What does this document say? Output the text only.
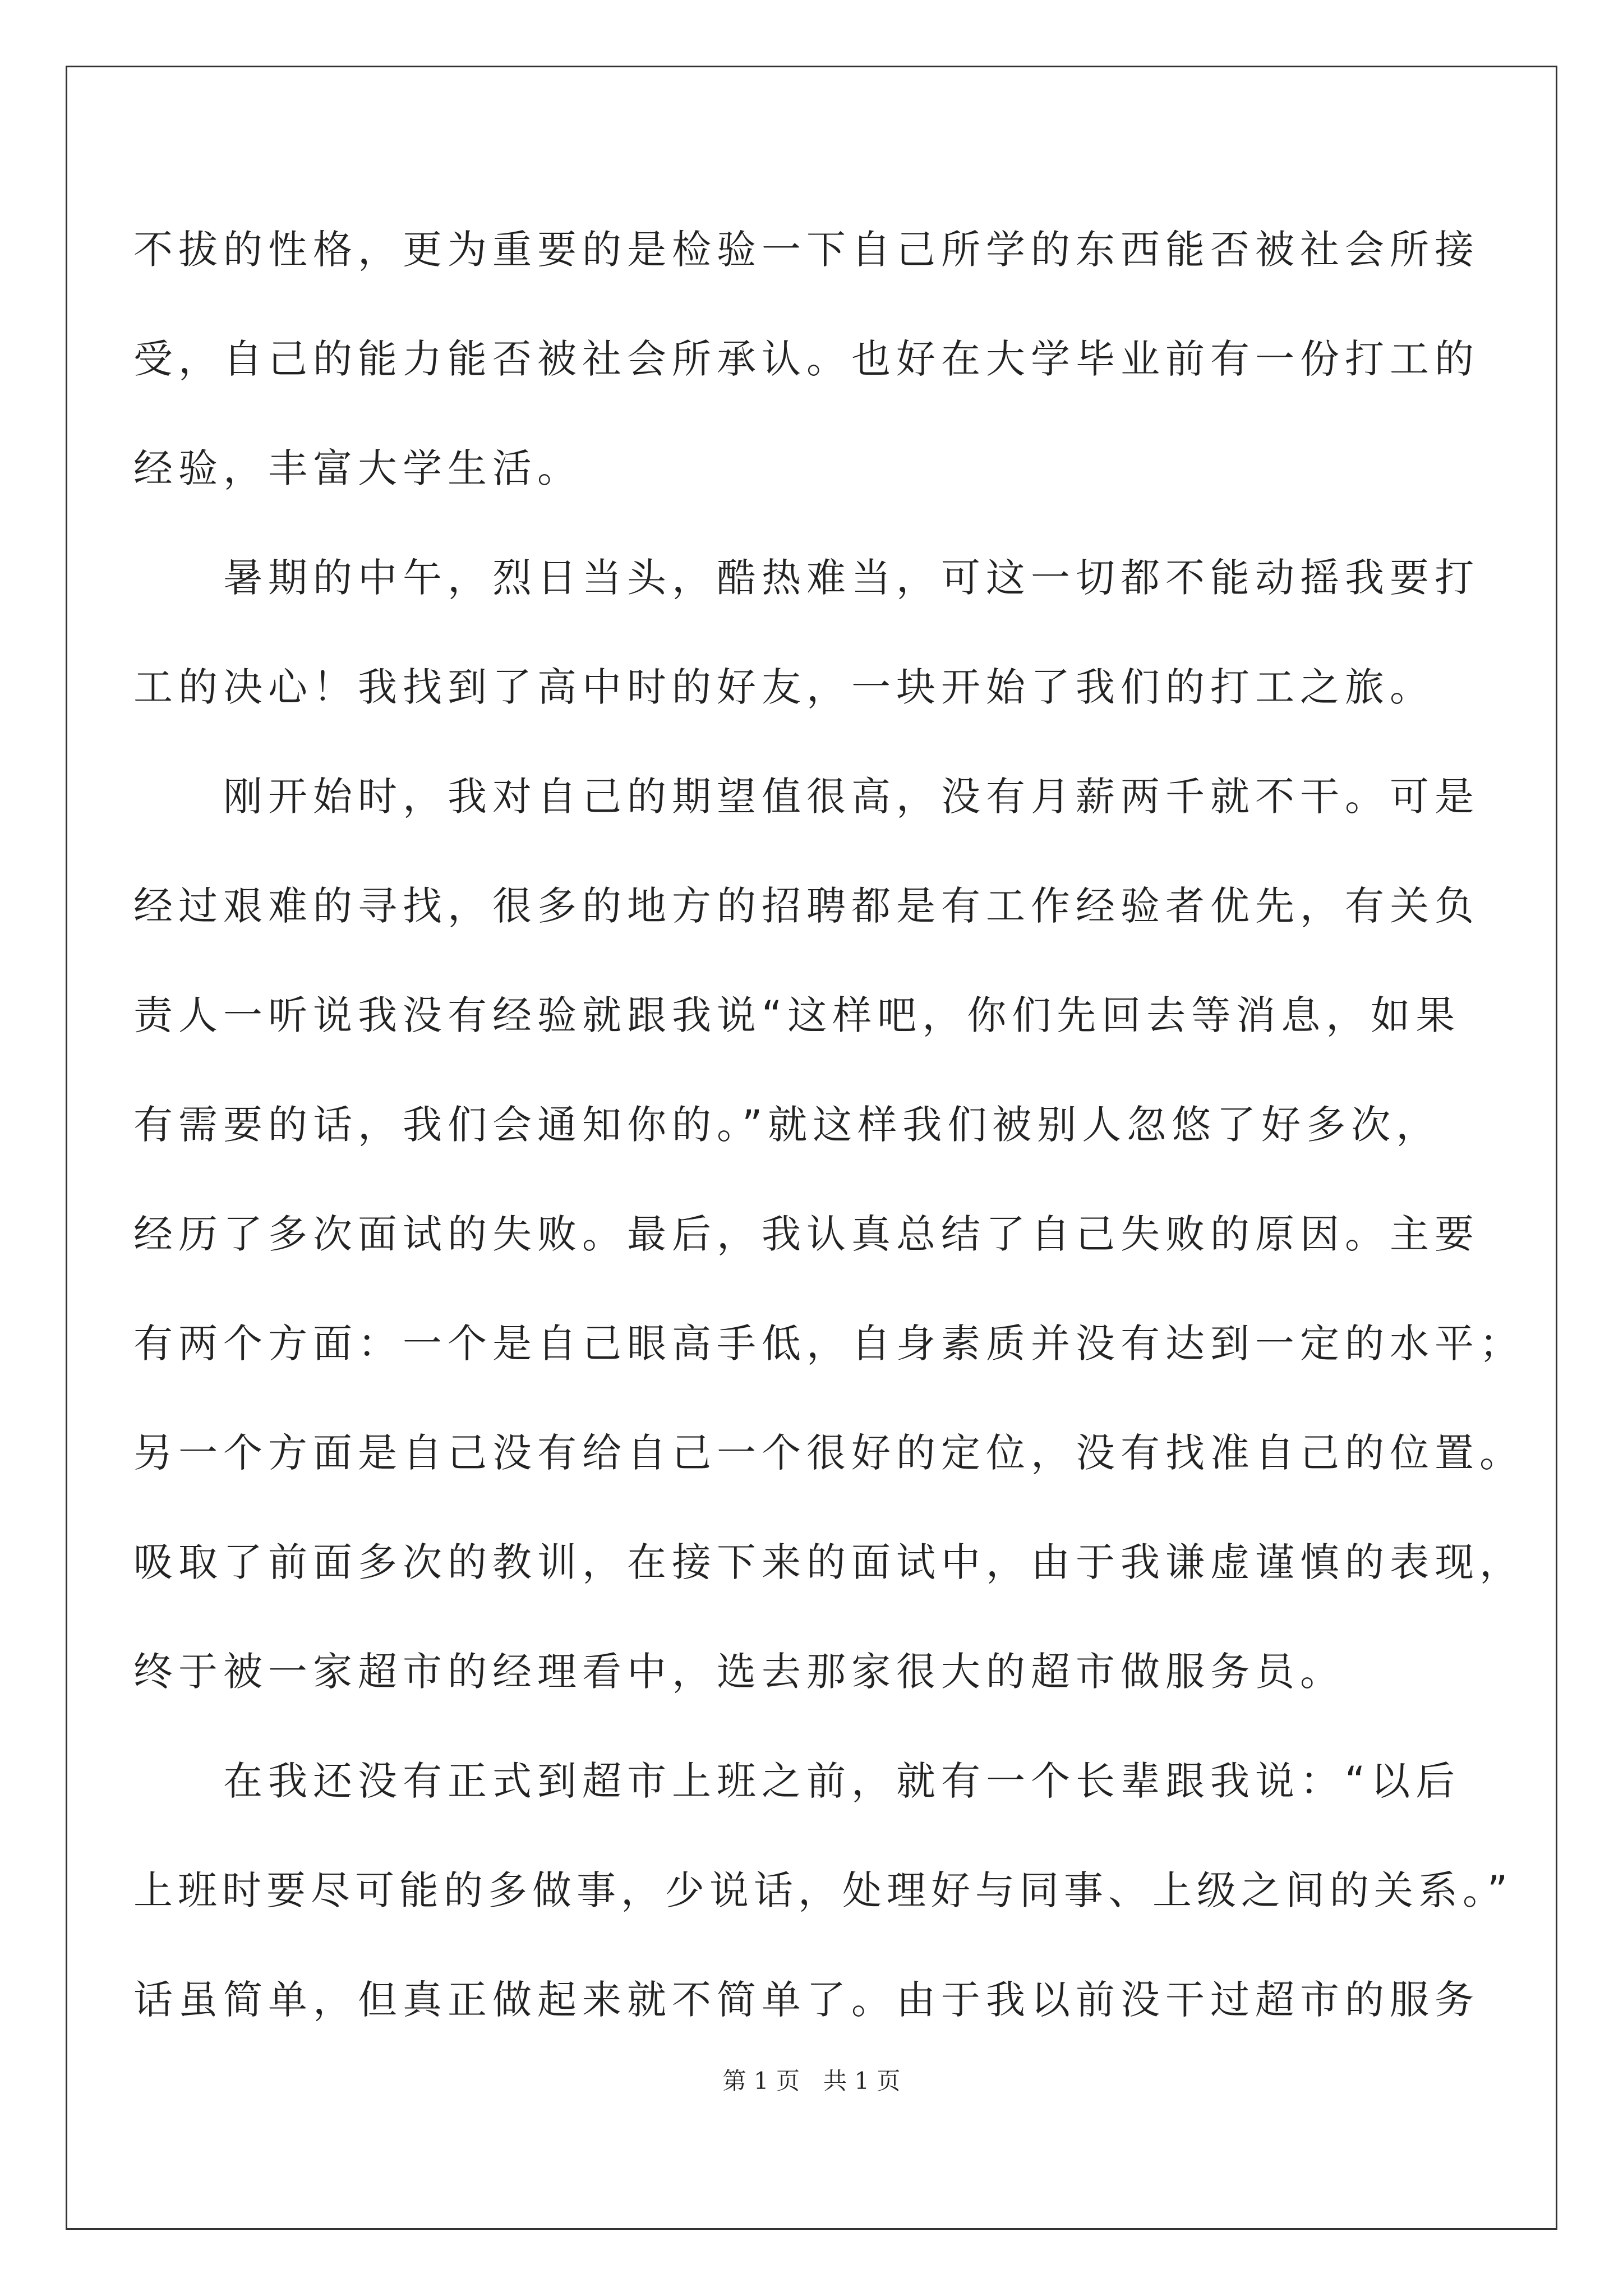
不拔的性格，更为重要的是检验一下自己所学的东西能否被社会所接
受，自己的能力能否被社会所承认。也好在大学毕业前有一份打工的
经验，丰富大学生活。
　　暑期的中午，烈日当头，酷热难当，可这一切都不能动摇我要打
工的决心！我找到了高中时的好友，一块开始了我们的打工之旅。
　　刚开始时，我对自己的期望值很高，没有月薪两千就不干。可是
经过艰难的寻找，很多的地方的招聘都是有工作经验者优先，有关负
责人一听说我没有经验就跟我说“这样吧，你们先回去等消息，如果
有需要的话，我们会通知你的。”就这样我们被别人忽悠了好多次，
经历了多次面试的失败。最后，我认真总结了自己失败的原因。主要
有两个方面：一个是自己眼高手低，自身素质并没有达到一定的水平；
另一个方面是自己没有给自己一个很好的定位，没有找准自己的位置。
吸取了前面多次的教训，在接下来的面试中，由于我谦虚谨慎的表现，
终于被一家超市的经理看中，选去那家很大的超市做服务员。
　　在我还没有正式到超市上班之前，就有一个长辈跟我说：“以后
上班时要尽可能的多做事，少说话，处理好与同事、上级之间的关系。”
话虽简单，但真正做起来就不简单了。由于我以前没干过超市的服务
第 1 页　共 1 页
